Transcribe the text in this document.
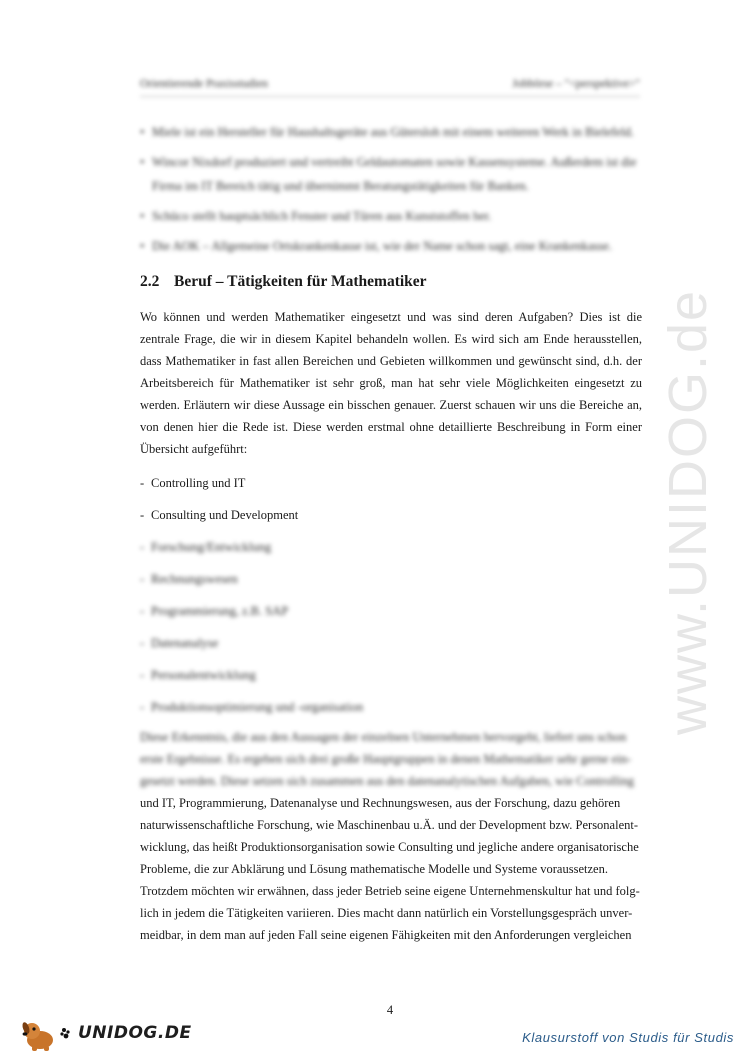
Orientierende Praxisstudien	Jobbörse – "<perspektive>"
• Miele ist ein Hersteller für Haushaltsgeräte aus Gütersloh mit einem weiteren Werk in Bielefeld.
• Wincor Nixdorf produziert und vertreibt Geldautomaten sowie Kassensysteme. Außerdem ist die Firma im IT Bereich tätig und übernimmt Beratungstätigkeiten für Banken.
• Schüco stellt hauptsächlich Fenster und Türen aus Kunststoffen her.
• Die AOK – Allgemeine Ortskrankenkasse ist, wie der Name schon sagt, eine Krankenkasse.
2.2 Beruf – Tätigkeiten für Mathematiker

Wo können und werden Mathematiker eingesetzt und was sind deren Aufgaben? Dies ist die zentrale Frage, die wir in diesem Kapitel behandeln wollen. Es wird sich am Ende herausstellen, dass Mathematiker in fast allen Bereichen und Gebieten willkommen und gewünscht sind, d.h. der Arbeitsbereich für Mathematiker ist sehr groß, man hat sehr viele Möglichkeiten eingesetzt zu werden. Erläutern wir diese Aussage ein bisschen genauer. Zuerst schauen wir uns die Bereiche an, von denen hier die Rede ist. Diese werden erstmal ohne detaillierte Beschreibung in Form einer Übersicht aufgeführt:

- Controlling und IT
- Consulting und Development
- Forschung/Entwicklung
- Rechnungswesen
- Programmierung, z.B. SAP
- Datenanalyse
- Personalentwicklung
- Produktionsoptimierung und -organisation
Diese Erkenntnis, die aus den Aussagen der einzelnen Unternehmen hervorgeht, liefert uns schon
erste Ergebnisse. Es ergeben sich drei große Hauptgruppen in denen Mathematiker sehr gerne ein-
gesetzt werden. Diese setzen sich zusammen aus den datenanalytischen Aufgaben, wie Controlling
und IT, Programmierung, Datenanalyse und Rechnungswesen, aus der Forschung, dazu gehören
naturwissenschaftliche Forschung, wie Maschinenbau u.Ä. und der Development bzw. Personalent-
wicklung, das heißt Produktionsorganisation sowie Consulting und jegliche andere organisatorische
Probleme, die zur Abklärung und Lösung mathematische Modelle und Systeme voraussetzen.
Trotzdem möchten wir erwähnen, dass jeder Betrieb seine eigene Unternehmenskultur hat und folg-
lich in jedem die Tätigkeiten variieren. Dies macht dann natürlich ein Vorstellungsgespräch unver-
meidbar, in dem man auf jeden Fall seine eigenen Fähigkeiten mit den Anforderungen vergleichen
www.UNIDOG.de
4
UNIDOG.DE	Klausurstoff von Studis für Studis
